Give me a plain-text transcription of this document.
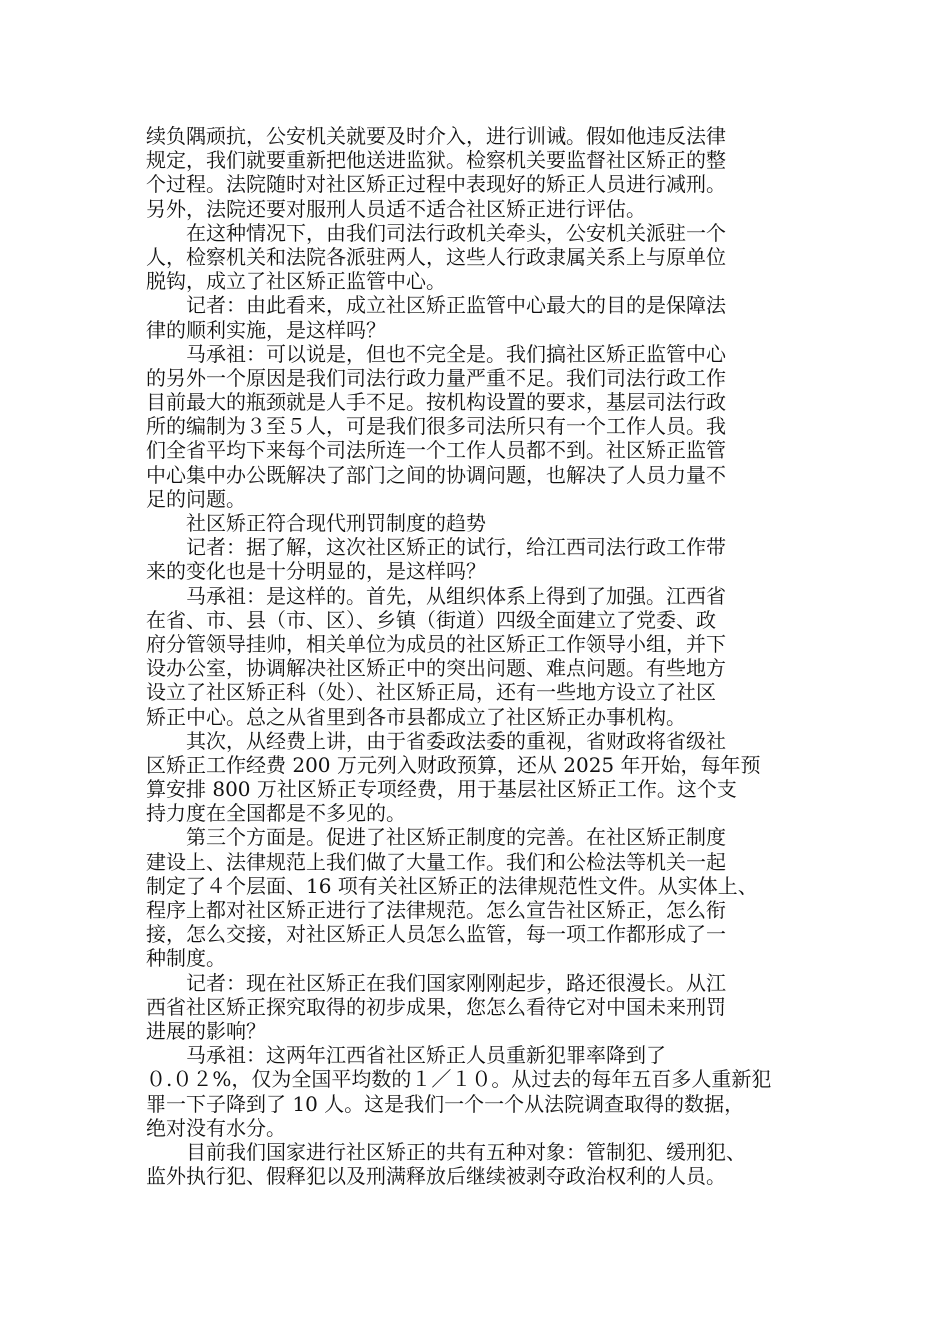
续负隅顽抗，公安机关就要及时介入，进行训诫。假如他违反法律
规定，我们就要重新把他送进监狱。检察机关要监督社区矫正的整
个过程。法院随时对社区矫正过程中表现好的矫正人员进行减刑。
另外，法院还要对服刑人员适不适合社区矫正进行评估。
在这种情况下，由我们司法行政机关牵头，公安机关派驻一个
人，检察机关和法院各派驻两人，这些人行政隶属关系上与原单位
脱钩，成立了社区矫正监管中心。
记者：由此看来，成立社区矫正监管中心最大的目的是保障法
律的顺利实施，是这样吗？
马承祖：可以说是，但也不完全是。我们搞社区矫正监管中心
的另外一个原因是我们司法行政力量严重不足。我们司法行政工作
目前最大的瓶颈就是人手不足。按机构设置的要求，基层司法行政
所的编制为３至５人，可是我们很多司法所只有一个工作人员。我
们全省平均下来每个司法所连一个工作人员都不到。社区矫正监管
中心集中办公既解决了部门之间的协调问题，也解决了人员力量不
足的问题。
社区矫正符合现代刑罚制度的趋势
记者：据了解，这次社区矫正的试行，给江西司法行政工作带
来的变化也是十分明显的，是这样吗？
马承祖：是这样的。首先，从组织体系上得到了加强。江西省
在省、市、县（市、区）、乡镇（街道）四级全面建立了党委、政
府分管领导挂帅，相关单位为成员的社区矫正工作领导小组，并下
设办公室，协调解决社区矫正中的突出问题、难点问题。有些地方
设立了社区矫正科（处）、社区矫正局，还有一些地方设立了社区
矫正中心。总之从省里到各市县都成立了社区矫正办事机构。
其次，从经费上讲，由于省委政法委的重视，省财政将省级社
区矫正工作经费 200 万元列入财政预算，还从 2025 年开始，每年预
算安排 800 万社区矫正专项经费，用于基层社区矫正工作。这个支
持力度在全国都是不多见的。
第三个方面是。促进了社区矫正制度的完善。在社区矫正制度
建设上、法律规范上我们做了大量工作。我们和公检法等机关一起
制定了４个层面、16 项有关社区矫正的法律规范性文件。从实体上、
程序上都对社区矫正进行了法律规范。怎么宣告社区矫正，怎么衔
接，怎么交接，对社区矫正人员怎么监管，每一项工作都形成了一
种制度。
记者：现在社区矫正在我们国家刚刚起步，路还很漫长。从江
西省社区矫正探究取得的初步成果，您怎么看待它对中国未来刑罚
进展的影响？
马承祖：这两年江西省社区矫正人员重新犯罪率降到了
０.０２%，仅为全国平均数的１／１０。从过去的每年五百多人重新犯
罪一下子降到了 10 人。这是我们一个一个从法院调查取得的数据，
绝对没有水分。
目前我们国家进行社区矫正的共有五种对象：管制犯、缓刑犯、
监外执行犯、假释犯以及刑满释放后继续被剥夺政治权利的人员。
